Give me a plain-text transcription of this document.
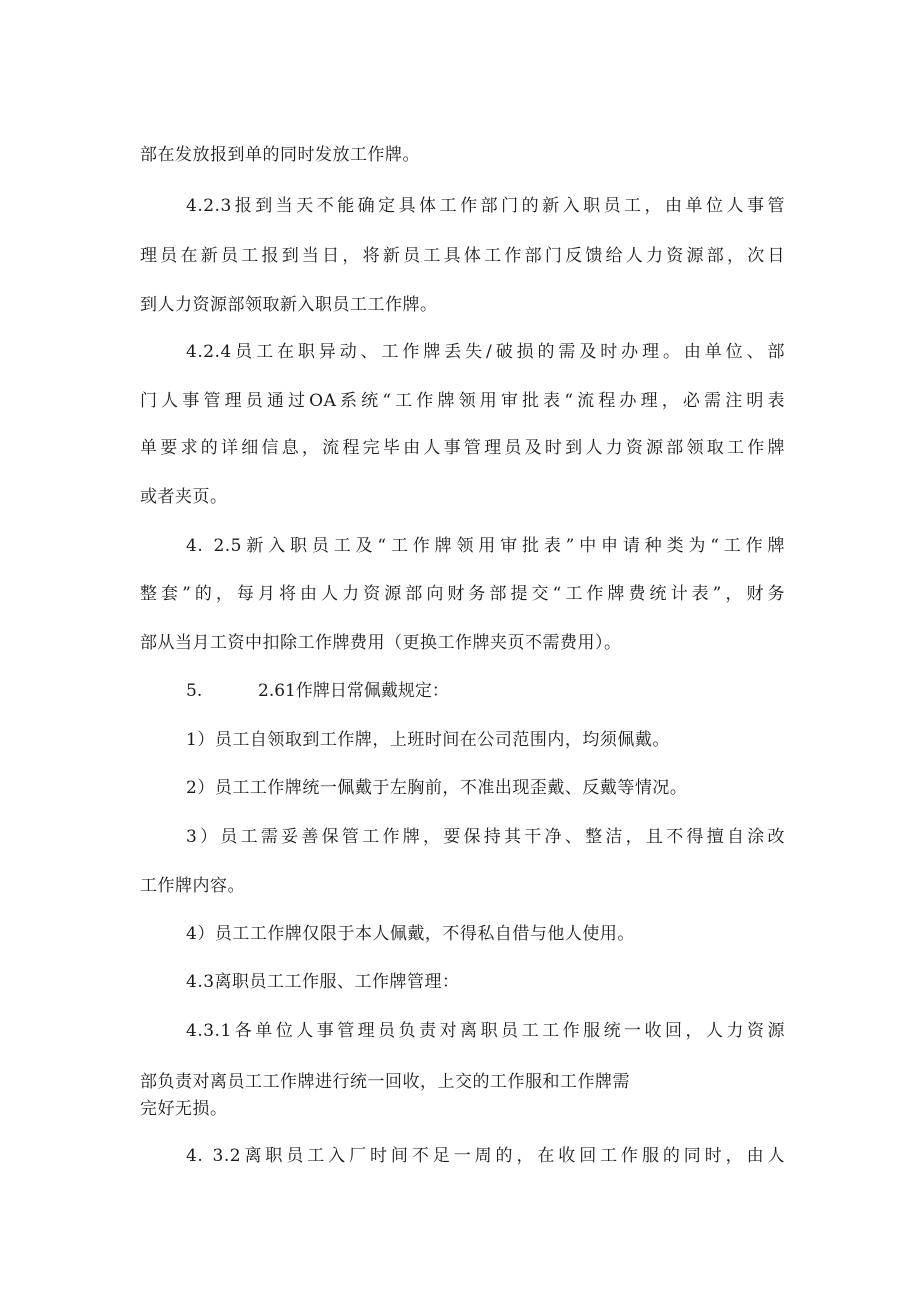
部在发放报到单的同时发放工作牌。
4.2.3报到当天不能确定具体工作部门的新入职员工，由单位人事管
理员在新员工报到当日，将新员工具体工作部门反馈给人力资源部，次日
到人力资源部领取新入职员工工作牌。
4.2.4员工在职异动、工作牌丢失/破损的需及时办理。由单位、部
门人事管理员通过OA系统“工作牌领用审批表“流程办理，必需注明表
单要求的详细信息，流程完毕由人事管理员及时到人力资源部领取工作牌
或者夹页。
4. 2.5新入职员工及“工作牌领用审批表”中申请种类为“工作牌
整套”的，每月将由人力资源部向财务部提交“工作牌费统计表”，财务
部从当月工资中扣除工作牌费用（更换工作牌夹页不需费用）。
5.	2.61作牌日常佩戴规定：
1）员工自领取到工作牌，上班时间在公司范围内，均须佩戴。
2）员工工作牌统一佩戴于左胸前，不准出现歪戴、反戴等情况。
3）员工需妥善保管工作牌，要保持其干净、整洁，且不得擅自涂改
工作牌内容。
4）员工工作牌仅限于本人佩戴，不得私自借与他人使用。
4.3离职员工工作服、工作牌管理：
4.3.1各单位人事管理员负责对离职员工工作服统一收回，人力资源
部负责对离员工工作牌进行统一回收，上交的工作服和工作牌需
完好无损。
4. 3.2离职员工入厂时间不足一周的，在收回工作服的同时，由人
